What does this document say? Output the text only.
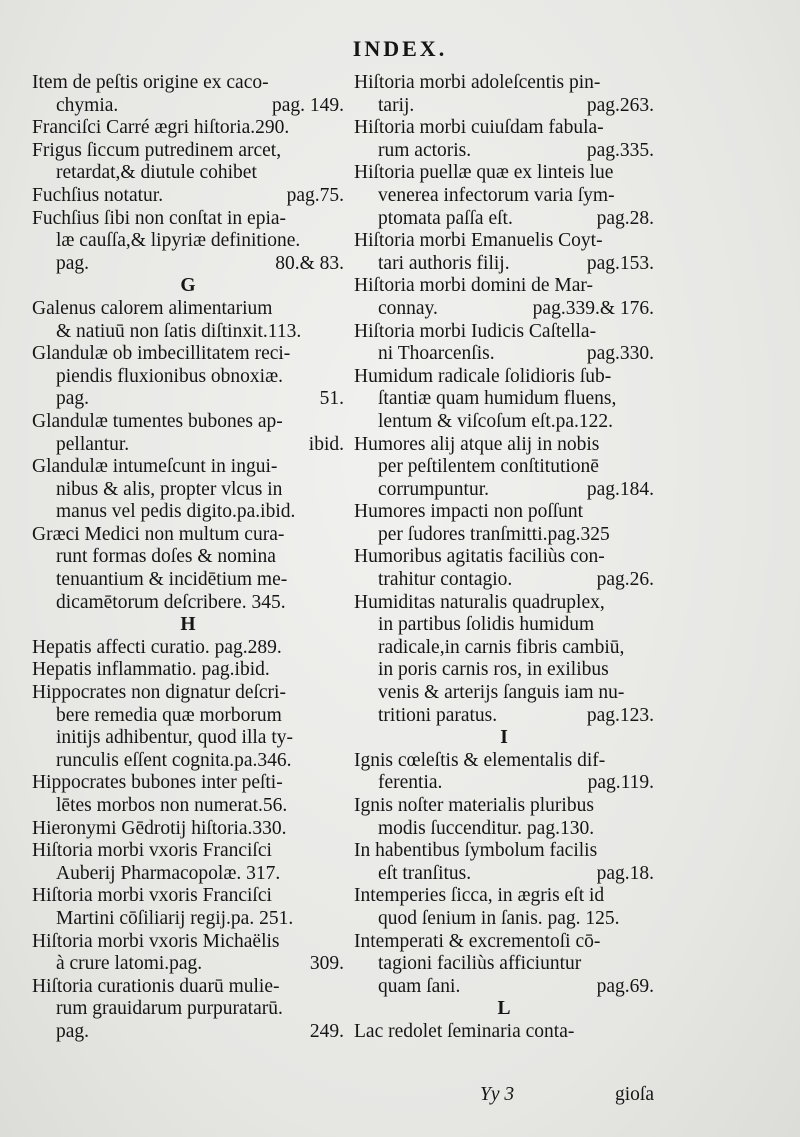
INDEX.
Item de peſtis origine ex caco-
chymia.	pag. 149.
Franciſci Carré ægri hiſtoria.290.
Frigus ſiccum putredinem arcet,
retardat,& diutule cohibet
Fuchſius notatur.	pag.75.
Fuchſius ſibi non conſtat in epia-
læ cauſſa,& lipyriæ definitione.
pag.	80.& 83.
G
Galenus calorem alimentarium
& natiuū non ſatis diſtinxit.113.
Glandulæ ob imbecillitatem reci-
piendis fluxionibus obnoxiæ.
pag.	51.
Glandulæ tumentes bubones ap-
pellantur.	ibid.
Glandulæ intumeſcunt in ingui-
nibus & alis, propter vlcus in
manus vel pedis digito.pa.ibid.
Græci Medici non multum cura-
runt formas doſes & nomina
tenuantium & incidētium me-
dicamētorum deſcribere. 345.
H
Hepatis affecti curatio. pag.289.
Hepatis inflammatio. pag.ibid.
Hippocrates non dignatur deſcri-
bere remedia quæ morborum
initijs adhibentur, quod illa ty-
runculis eſſent cognita.pa.346.
Hippocrates bubones inter peſti-
lētes morbos non numerat.56.
Hieronymi Gēdrotij hiſtoria.330.
Hiſtoria morbi vxoris Franciſci
Auberij Pharmacopolæ. 317.
Hiſtoria morbi vxoris Franciſci
Martini cōſiliarij regij.pa. 251.
Hiſtoria morbi vxoris Michaëlis
à crure latomi.pag.	309.
Hiſtoria curationis duarū mulie-
rum grauidarum purpuratarū.
pag.	249.
Hiſtoria morbi adoleſcentis pin-
tarij.	pag.263.
Hiſtoria morbi cuiuſdam fabula-
rum actoris.	pag.335.
Hiſtoria puellæ quæ ex linteis lue
venerea infectorum varia ſym-
ptomata paſſa eſt.	pag.28.
Hiſtoria morbi Emanuelis Coyt-
tari authoris filij.	pag.153.
Hiſtoria morbi domini de Mar-
connay.	pag.339.& 176.
Hiſtoria morbi Iudicis Caſtella-
ni Thoarcenſis.	pag.330.
Humidum radicale ſolidioris ſub-
ſtantiæ quam humidum fluens,
lentum & viſcoſum eſt.pa.122.
Humores alij atque alij in nobis
per peſtilentem conſtitutionē
corrumpuntur.	pag.184.
Humores impacti non poſſunt
per ſudores tranſmitti.pag.325
Humoribus agitatis faciliùs con-
trahitur contagio.	pag.26.
Humiditas naturalis quadruplex,
in partibus ſolidis humidum
radicale,in carnis fibris cambiū,
in poris carnis ros, in exilibus
venis & arterijs ſanguis iam nu-
tritioni paratus.	pag.123.
I
Ignis cœleſtis & elementalis dif-
ferentia.	pag.119.
Ignis noſter materialis pluribus
modis ſuccenditur. pag.130.
In habentibus ſymbolum facilis
eſt tranſitus.	pag.18.
Intemperies ſicca, in ægris eſt id
quod ſenium in ſanis. pag. 125.
Intemperati & excrementoſi cō-
tagioni faciliùs afficiuntur
quam ſani.	pag.69.
L
Lac redolet ſeminaria conta-
Yy 3	gioſa
